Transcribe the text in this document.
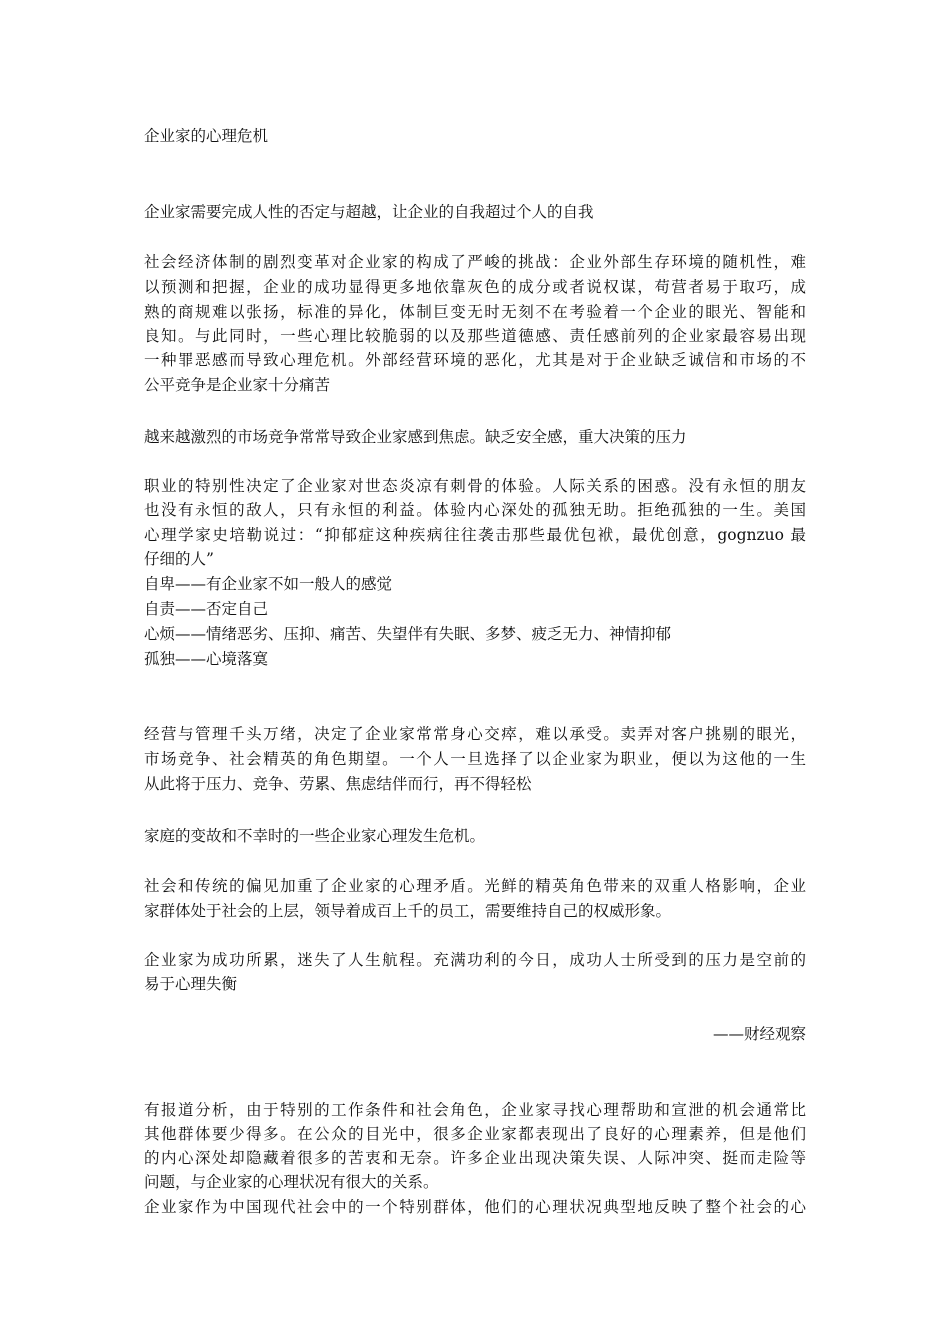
企业家的心理危机
企业家需要完成人性的否定与超越，让企业的自我超过个人的自我
社会经济体制的剧烈变革对企业家的构成了严峻的挑战：企业外部生存环境的随机性，难
以预测和把握，企业的成功显得更多地依靠灰色的成分或者说权谋，苟营者易于取巧，成
熟的商规难以张扬，标准的异化，体制巨变无时无刻不在考验着一个企业的眼光、智能和
良知。与此同时，一些心理比较脆弱的以及那些道德感、责任感前列的企业家最容易出现
一种罪恶感而导致心理危机。外部经营环境的恶化，尤其是对于企业缺乏诚信和市场的不
公平竞争是企业家十分痛苦
越来越激烈的市场竞争常常导致企业家感到焦虑。缺乏安全感，重大决策的压力
职业的特别性决定了企业家对世态炎凉有刺骨的体验。人际关系的困惑。没有永恒的朋友
也没有永恒的敌人，只有永恒的利益。体验内心深处的孤独无助。拒绝孤独的一生。美国
心理学家史培勒说过：“抑郁症这种疾病往往袭击那些最优包袱，最优创意，gognzuo 最
仔细的人”
自卑——有企业家不如一般人的感觉
自责——否定自己
心烦——情绪恶劣、压抑、痛苦、失望伴有失眠、多梦、疲乏无力、神情抑郁
孤独——心境落寞
经营与管理千头万绪，决定了企业家常常身心交瘁，难以承受。卖弄对客户挑剔的眼光，
市场竞争、社会精英的角色期望。一个人一旦选择了以企业家为职业，便以为这他的一生
从此将于压力、竞争、劳累、焦虑结伴而行，再不得轻松
家庭的变故和不幸时的一些企业家心理发生危机。
社会和传统的偏见加重了企业家的心理矛盾。光鲜的精英角色带来的双重人格影响，企业
家群体处于社会的上层，领导着成百上千的员工，需要维持自己的权威形象。
企业家为成功所累，迷失了人生航程。充满功利的今日，成功人士所受到的压力是空前的
易于心理失衡
——财经观察
有报道分析，由于特别的工作条件和社会角色，企业家寻找心理帮助和宣泄的机会通常比
其他群体要少得多。在公众的目光中，很多企业家都表现出了良好的心理素养，但是他们
的内心深处却隐藏着很多的苦衷和无奈。许多企业出现决策失误、人际冲突、挺而走险等
问题，与企业家的心理状况有很大的关系。
企业家作为中国现代社会中的一个特别群体，他们的心理状况典型地反映了整个社会的心
